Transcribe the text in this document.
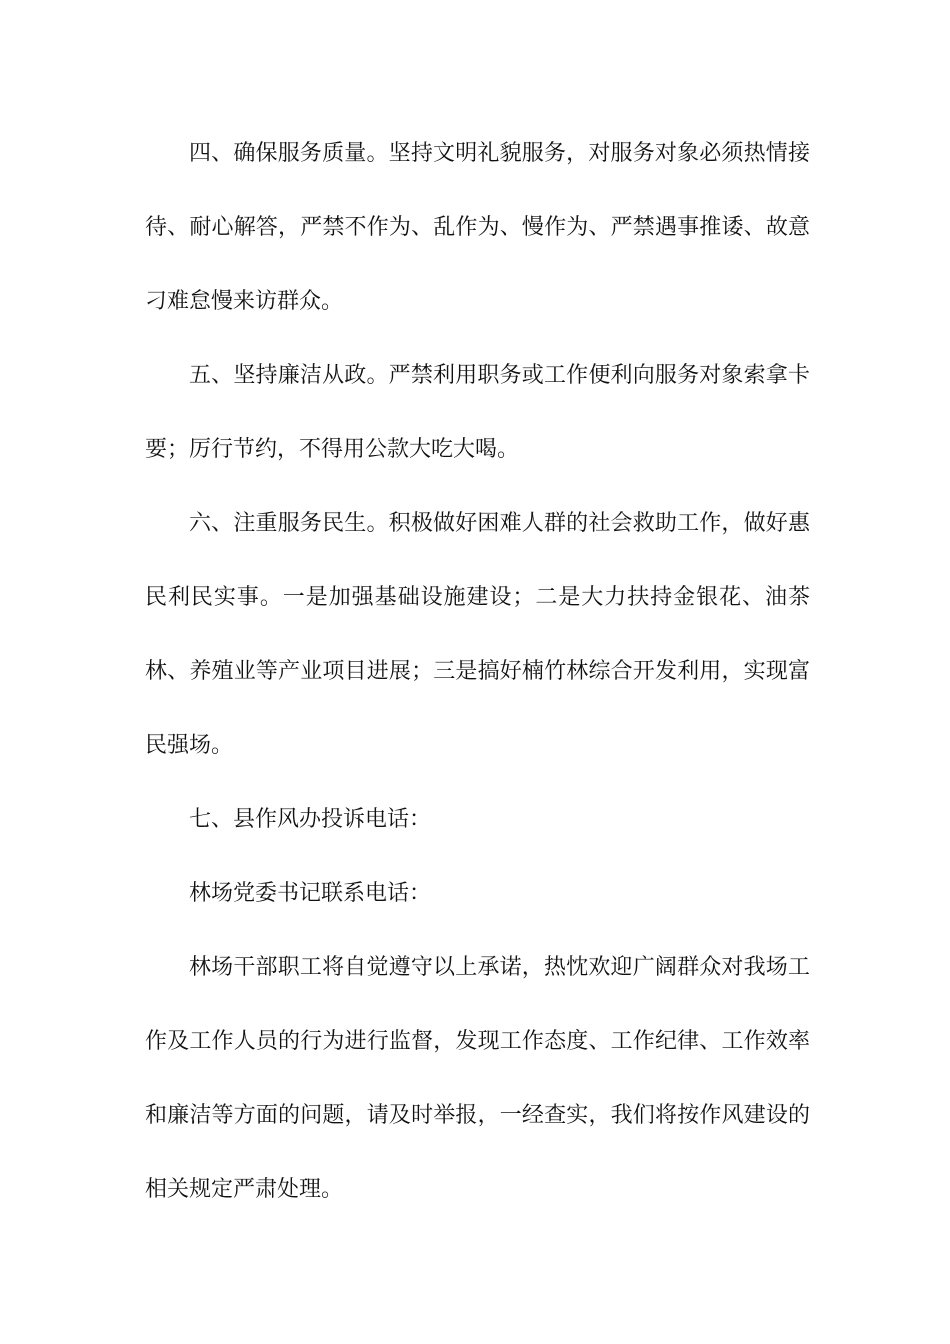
四、确保服务质量。坚持文明礼貌服务，对服务对象必须热情接待、耐心解答，严禁不作为、乱作为、慢作为、严禁遇事推诿、故意刁难怠慢来访群众。

五、坚持廉洁从政。严禁利用职务或工作便利向服务对象索拿卡要；厉行节约，不得用公款大吃大喝。

六、注重服务民生。积极做好困难人群的社会救助工作，做好惠民利民实事。一是加强基础设施建设；二是大力扶持金银花、油茶林、养殖业等产业项目进展；三是搞好楠竹林综合开发利用，实现富民强场。

七、县作风办投诉电话：

林场党委书记联系电话：

林场干部职工将自觉遵守以上承诺，热忱欢迎广阔群众对我场工作及工作人员的行为进行监督，发现工作态度、工作纪律、工作效率和廉洁等方面的问题，请及时举报，一经查实，我们将按作风建设的相关规定严肃处理。
